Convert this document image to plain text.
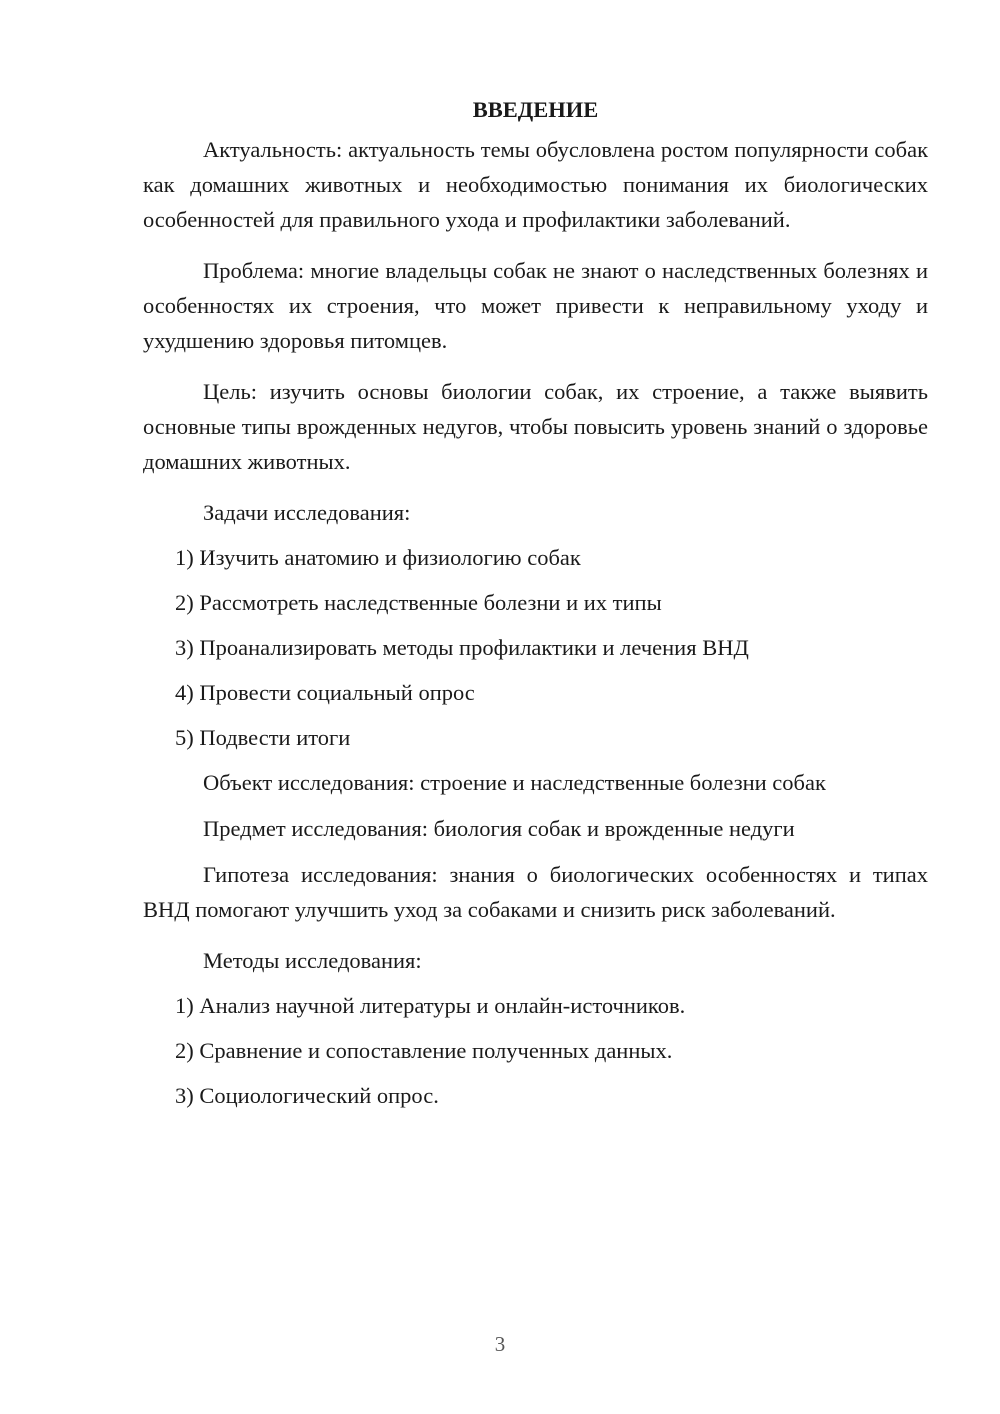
ВВЕДЕНИЕ

Актуальность: актуальность темы обусловлена ростом популярности собак как домашних животных и необходимостью понимания их биологических особенностей для правильного ухода и профилактики заболеваний.

Проблема: многие владельцы собак не знают о наследственных болезнях и особенностях их строения, что может привести к неправильному уходу и ухудшению здоровья питомцев.

Цель: изучить основы биологии собак, их строение, а также выявить основные типы врожденных недугов, чтобы повысить уровень знаний о здоровье домашних животных.

Задачи исследования:

1) Изучить анатомию и физиологию собак
2) Рассмотреть наследственные болезни и их типы
3) Проанализировать методы профилактики и лечения ВНД
4) Провести социальный опрос
5) Подвести итоги

Объект исследования: строение и наследственные болезни собак

Предмет исследования: биология собак и врожденные недуги

Гипотеза исследования: знания о биологических особенностях и типах ВНД помогают улучшить уход за собаками и снизить риск заболеваний.

Методы исследования:

1) Анализ научной литературы и онлайн-источников.
2) Сравнение и сопоставление полученных данных.
3) Социологический опрос.
3
